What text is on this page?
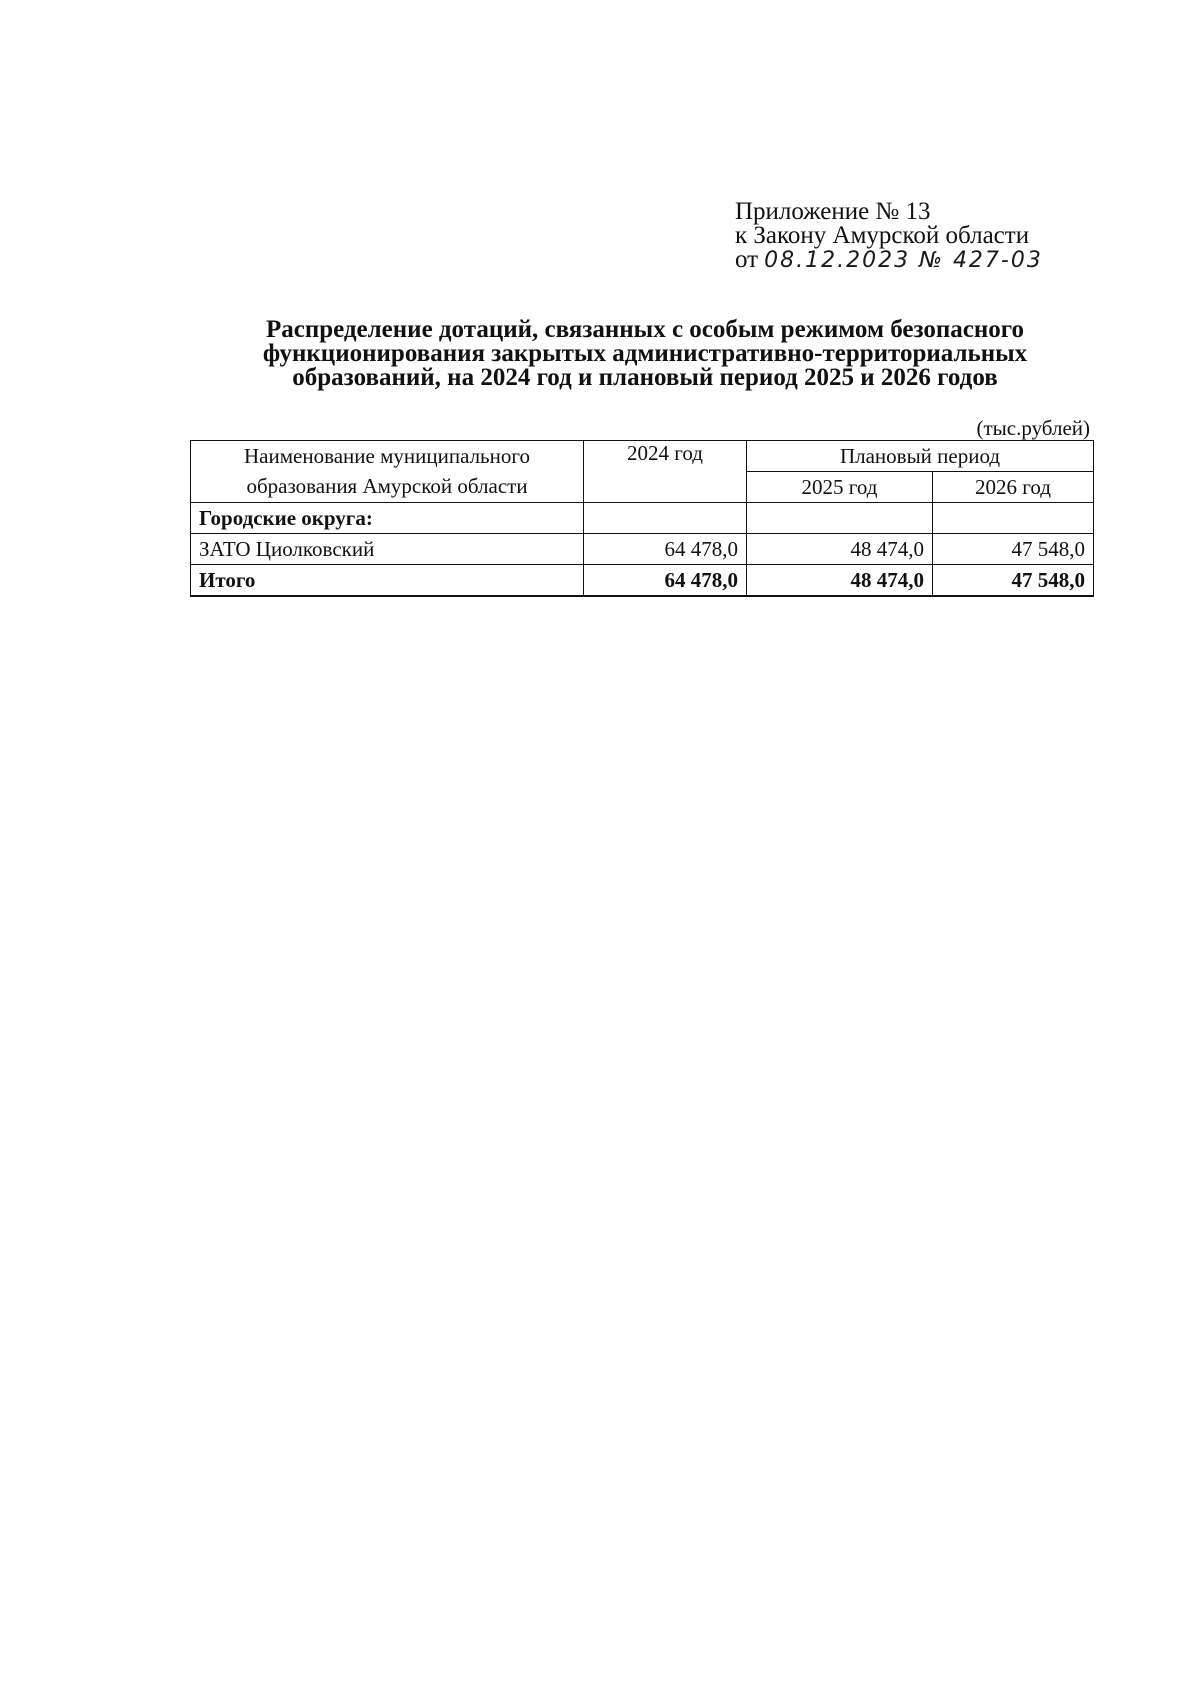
Приложение № 13
к Закону Амурской области
от 08.12.2023 № 427-03
Распределение дотаций, связанных с особым режимом безопасного
функционирования закрытых административно-территориальных
образований, на 2024 год и плановый период 2025 и 2026 годов
(тыс.рублей)
Наименование муниципального
образования Амурской области	2024 год	Плановый период	
		2025 год	2026 год
Городские округа:			
ЗАТО Циолковский	64 478,0	48 474,0	47 548,0
Итого	64 478,0	48 474,0	47 548,0
